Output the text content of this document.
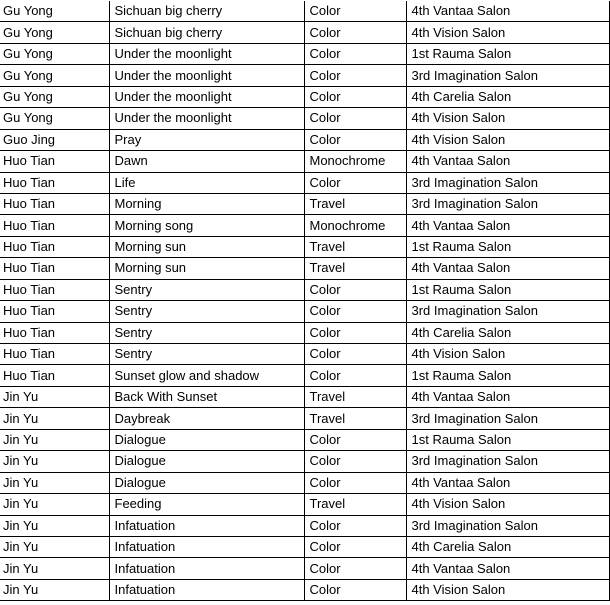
Gu Yong	Sichuan big cherry	Color	4th Vantaa Salon
Gu Yong	Sichuan big cherry	Color	4th Vision Salon
Gu Yong	Under the moonlight	Color	1st Rauma Salon
Gu Yong	Under the moonlight	Color	3rd Imagination Salon
Gu Yong	Under the moonlight	Color	4th Carelia Salon
Gu Yong	Under the moonlight	Color	4th Vision Salon
Guo Jing	Pray	Color	4th Vision Salon
Huo Tian	Dawn	Monochrome	4th Vantaa Salon
Huo Tian	Life	Color	3rd Imagination Salon
Huo Tian	Morning	Travel	3rd Imagination Salon
Huo Tian	Morning song	Monochrome	4th Vantaa Salon
Huo Tian	Morning sun	Travel	1st Rauma Salon
Huo Tian	Morning sun	Travel	4th Vantaa Salon
Huo Tian	Sentry	Color	1st Rauma Salon
Huo Tian	Sentry	Color	3rd Imagination Salon
Huo Tian	Sentry	Color	4th Carelia Salon
Huo Tian	Sentry	Color	4th Vision Salon
Huo Tian	Sunset glow and shadow	Color	1st Rauma Salon
Jin Yu	Back With Sunset	Travel	4th Vantaa Salon
Jin Yu	Daybreak	Travel	3rd Imagination Salon
Jin Yu	Dialogue	Color	1st Rauma Salon
Jin Yu	Dialogue	Color	3rd Imagination Salon
Jin Yu	Dialogue	Color	4th Vantaa Salon
Jin Yu	Feeding	Travel	4th Vision Salon
Jin Yu	Infatuation	Color	3rd Imagination Salon
Jin Yu	Infatuation	Color	4th Carelia Salon
Jin Yu	Infatuation	Color	4th Vantaa Salon
Jin Yu	Infatuation	Color	4th Vision Salon
